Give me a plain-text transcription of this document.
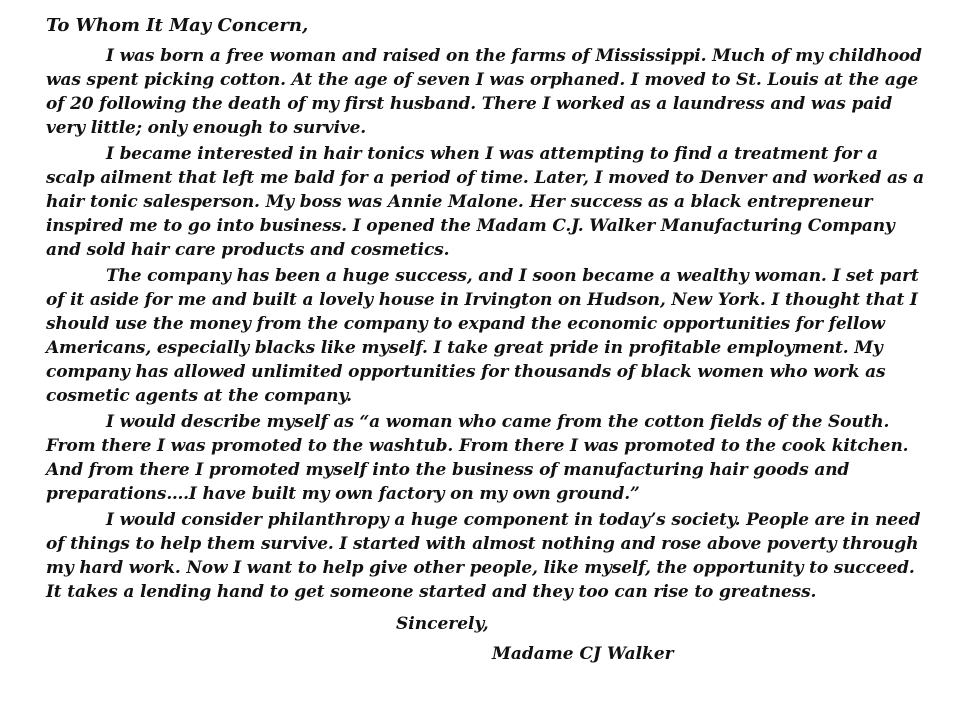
To Whom It May Concern,

I was born a free woman and raised on the farms of Mississippi. Much of my childhood was spent picking cotton. At the age of seven I was orphaned. I moved to St. Louis at the age of 20 following the death of my first husband. There I worked as a laundress and was paid very little; only enough to survive.

I became interested in hair tonics when I was attempting to find a treatment for a scalp ailment that left me bald for a period of time. Later, I moved to Denver and worked as a hair tonic salesperson. My boss was Annie Malone. Her success as a black entrepreneur inspired me to go into business. I opened the Madam C.J. Walker Manufacturing Company and sold hair care products and cosmetics.

The company has been a huge success, and I soon became a wealthy woman. I set part of it aside for me and built a lovely house in Irvington on Hudson, New York. I thought that I should use the money from the company to expand the economic opportunities for fellow Americans, especially blacks like myself. I take great pride in profitable employment. My company has allowed unlimited opportunities for thousands of black women who work as cosmetic agents at the company.

I would describe myself as “a woman who came from the cotton fields of the South. From there I was promoted to the washtub. From there I was promoted to the cook kitchen. And from there I promoted myself into the business of manufacturing hair goods and preparations….I have built my own factory on my own ground.”

I would consider philanthropy a huge component in today’s society. People are in need of things to help them survive. I started with almost nothing and rose above poverty through my hard work. Now I want to help give other people, like myself, the opportunity to succeed. It takes a lending hand to get someone started and they too can rise to greatness.

Sincerely,
Madame CJ Walker
